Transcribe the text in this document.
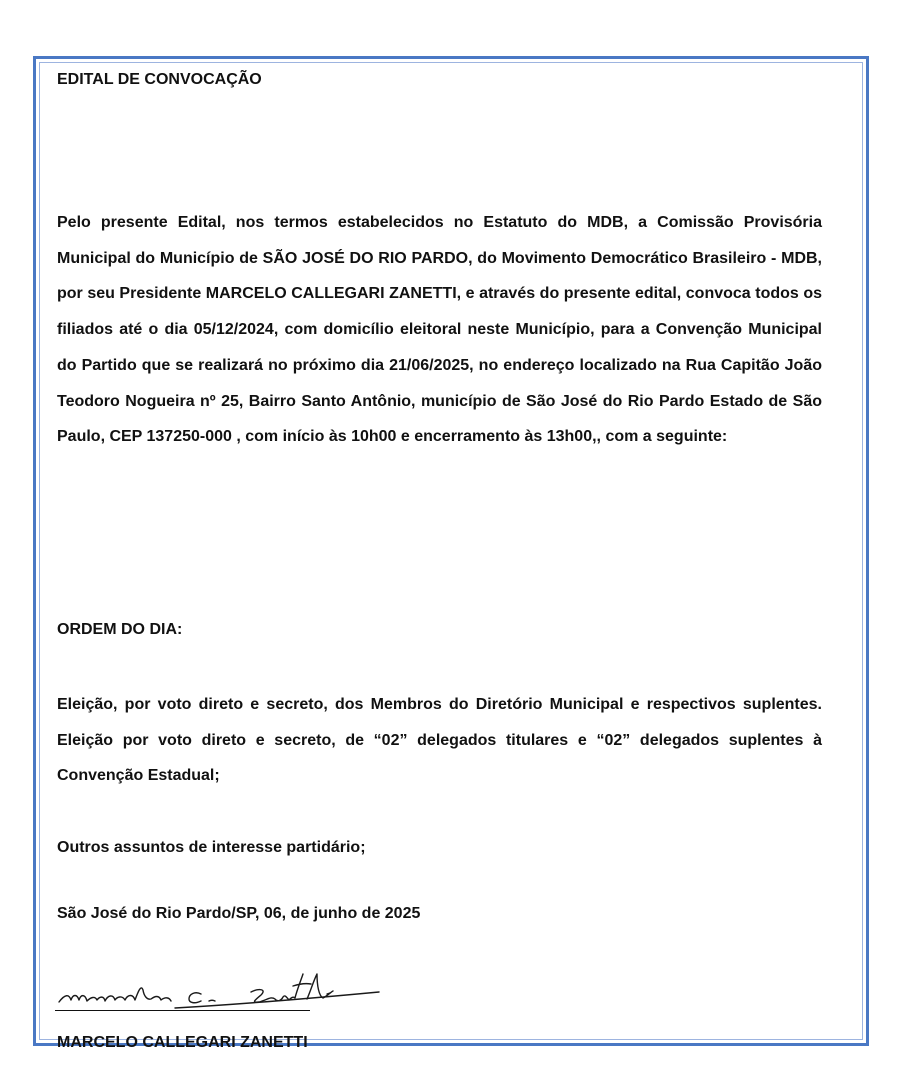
EDITAL DE CONVOCAÇÃO

Pelo presente Edital, nos termos estabelecidos no Estatuto do MDB, a Comissão Provisória Municipal do Município de SÃO JOSÉ DO RIO PARDO, do Movimento Democrático Brasileiro - MDB, por seu Presidente MARCELO CALLEGARI ZANETTI, e através do presente edital, convoca todos os filiados até o dia 05/12/2024, com domicílio eleitoral neste Município, para a Convenção Municipal do Partido que se realizará no próximo dia 21/06/2025, no endereço localizado na Rua Capitão João Teodoro Nogueira nº 25, Bairro Santo Antônio, município de São José do Rio Pardo Estado de São Paulo, CEP 137250-000 , com início às 10h00 e encerramento às 13h00,, com a seguinte:

ORDEM DO DIA:

Eleição, por voto direto e secreto, dos Membros do Diretório Municipal e respectivos suplentes. Eleição por voto direto e secreto, de “02” delegados titulares e “02” delegados suplentes à Convenção Estadual;

Outros assuntos de interesse partidário;

São José do Rio Pardo/SP, 06, de junho de 2025

MARCELO CALLEGARI ZANETTI
